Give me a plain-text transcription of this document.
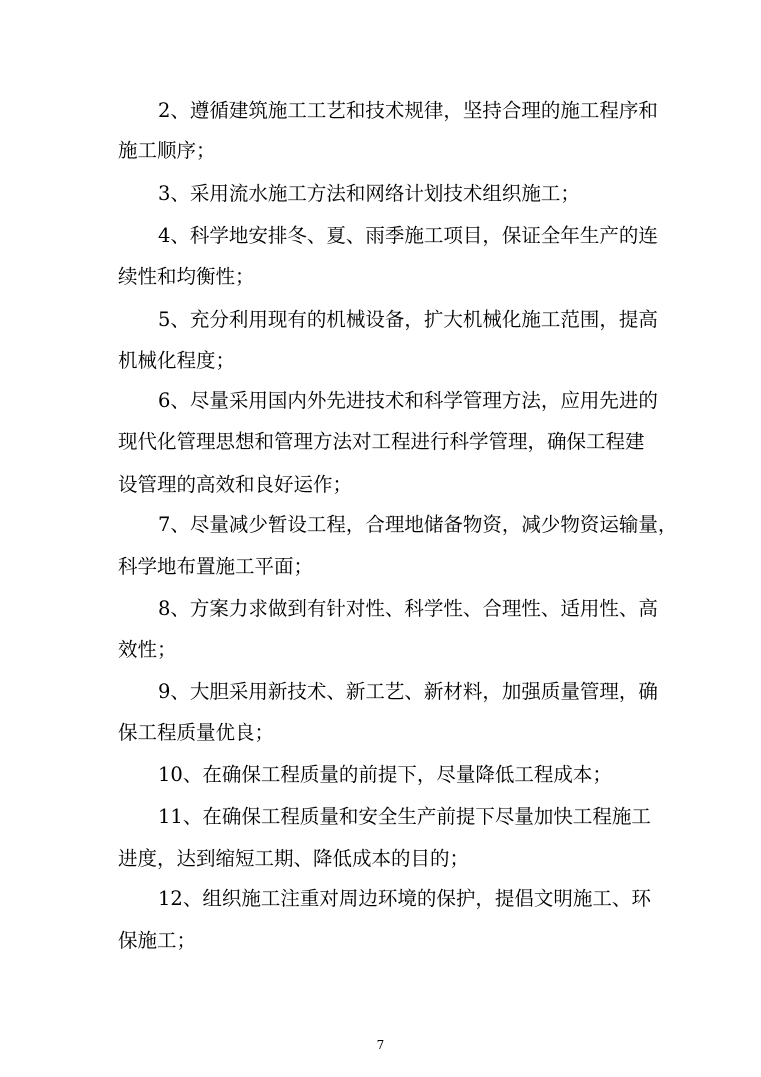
2、遵循建筑施工工艺和技术规律，坚持合理的施工程序和
施工顺序；
3、采用流水施工方法和网络计划技术组织施工；
4、科学地安排冬、夏、雨季施工项目，保证全年生产的连
续性和均衡性；
5、充分利用现有的机械设备，扩大机械化施工范围，提高
机械化程度；
6、尽量采用国内外先进技术和科学管理方法，应用先进的
现代化管理思想和管理方法对工程进行科学管理，确保工程建
设管理的高效和良好运作；
7、尽量减少暂设工程，合理地储备物资，减少物资运输量，
科学地布置施工平面；
8、方案力求做到有针对性、科学性、合理性、适用性、高
效性；
9、大胆采用新技术、新工艺、新材料，加强质量管理，确
保工程质量优良；
10、在确保工程质量的前提下，尽量降低工程成本；
11、在确保工程质量和安全生产前提下尽量加快工程施工
进度，达到缩短工期、降低成本的目的；
12、组织施工注重对周边环境的保护，提倡文明施工、环
保施工；
7
